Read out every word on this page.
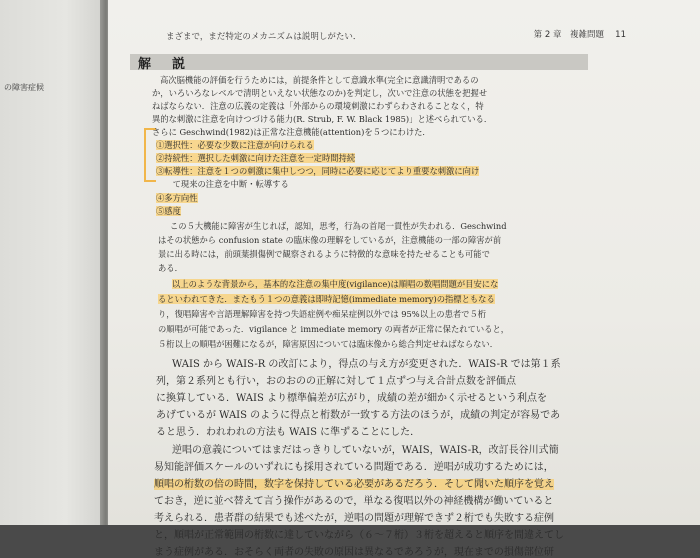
の障害症候
まざまで，まだ特定のメカニズムは説明しがたい．	第 2 章　複雑問題　 11
解　説
高次脳機能の評価を行うためには，前提条件として意識水準(完全に意識清明であるの
か，いろいろなレベルで清明といえない状態なのか)を判定し，次いで注意の状態を把握せ
ねばならない．注意の広義の定義は「外部からの環境刺激にわずらわされることなく，特
異的な刺激に注意を向けつづける能力(R. Strub, F. W. Black 1985)」と述べられている．
さらに Geschwind(1982)は正常な注意機能(attention)を５つにわけた．
①選択性：必要な少数に注意が向けられる
②持続性：選択した刺激に向けた注意を一定時間持続
③転導性：注意を１つの刺激に集中しつつ，同時に必要に応じてより重要な刺激に向け
　　て現来の注意を中断・転導する
④多方向性
⑤感度
この５大機能に障害が生じれば，認知，思考，行為の首尾一貫性が失われる．Geschwind
はその状態から confusion state の臨床像の理解をしているが，注意機能の一部の障害が前
景に出る時には，前頭葉損傷例で観察されるように特徴的な意味を持たせることも可能で
ある．
以上のような背景から，基本的な注意の集中度(vigilance)は順唱の数唱問題が目安にな
るといわれてきた．またもう１つの意義は即時記憶(immediate memory)の指標ともなる
り，復唱障害や言語理解障害を持つ失語症例や痴呆症例以外では 95%以上の患者で５桁
の順唱が可能であった．vigilance と immediate memory の両者が正常に保たれていると，
５桁以上の順唱が困難になるが，障害原因については臨床像から総合判定せねばならない．
WAIS から WAIS-R の改訂により，得点の与え方が変更された．WAIS-R では第１系
列，第２系列とも行い，おのおのの正解に対して１点ずつ与え合計点数を評価点
に換算している．WAIS より標準偏差が広がり，成績の差が細かく示せるという利点を
あげているが WAIS のように得点と桁数が一致する方法のほうが，成績の判定が容易であ
ると思う．われわれの方法も WAIS に準ずることにした．
逆唱の意義についてはまだはっきりしていないが，WAIS，WAIS-R，改訂長谷川式簡
易知能評価スケールのいずれにも採用されている問題である．逆唱が成功するためには，
順唱の桁数の倍の時間，数字を保持している必要があるだろう．そして聞いた順序を覚え
ておき，逆に並べ替えて言う操作があるので，単なる復唱以外の神経機構が働いていると
考えられる．患者群の結果でも述べたが，逆唱の問題が理解できず２桁でも失敗する症例
と，順唱が正常範囲の桁数に達していながら（６～７桁）３桁を超えると順序を間違えてし
まう症例がある．おそらく両者の失敗の原因は異なるであろうが，現在までの損傷部位研
